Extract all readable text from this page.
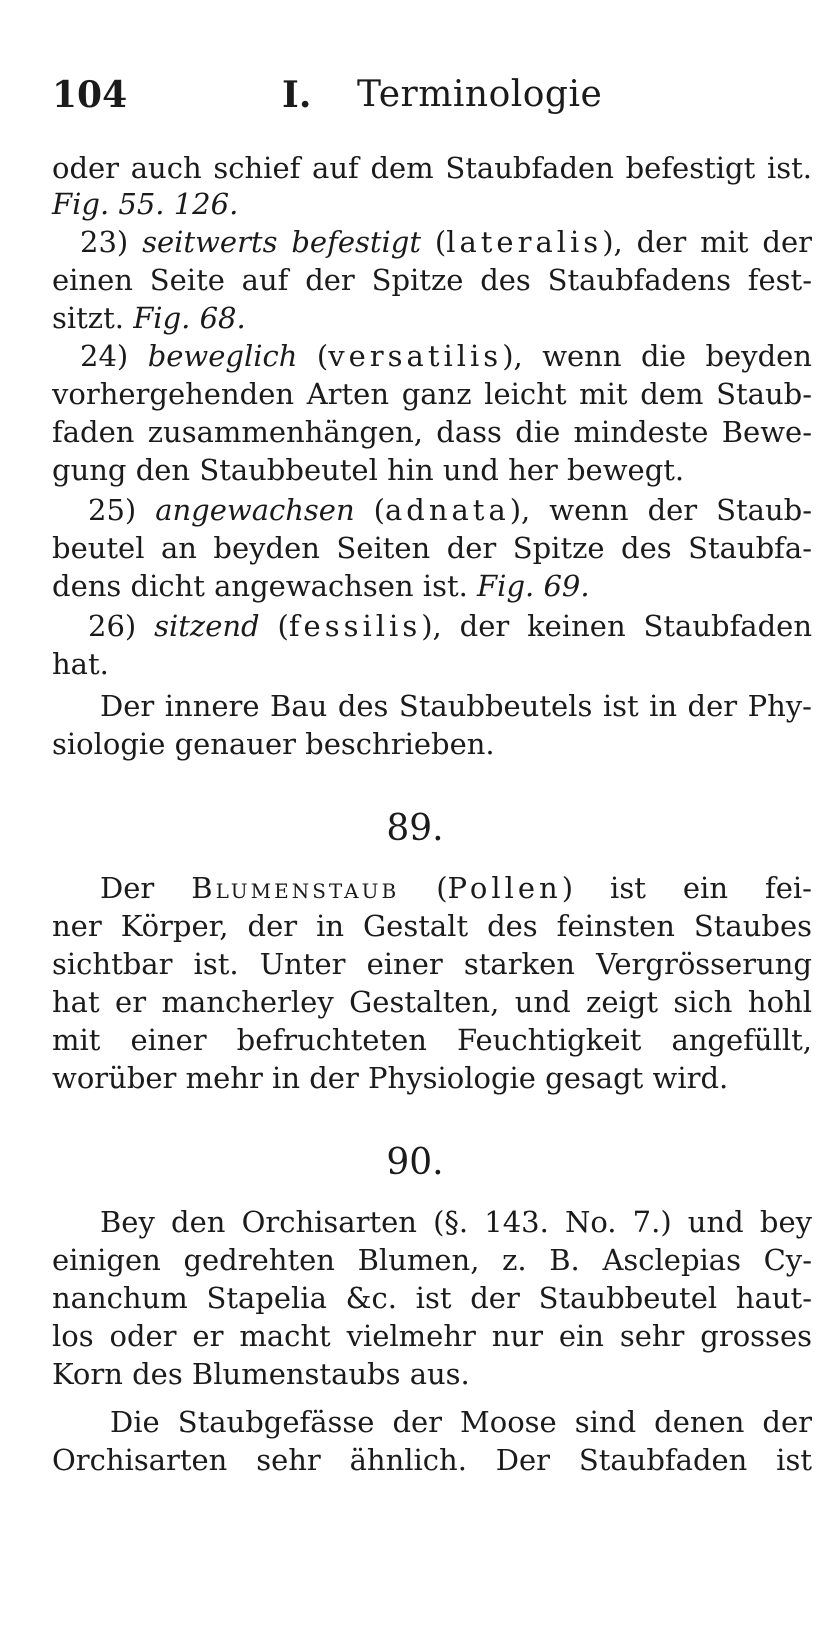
104	I. Terminologie
oder auch schief auf dem Staubfaden befestigt ist.
Fig. 55. 126.
23) seitwerts befestigt (lateralis), der mit der
einen Seite auf der Spitze des Staubfadens fest-
sitzt. Fig. 68.
24) beweglich (versatilis), wenn die beyden
vorhergehenden Arten ganz leicht mit dem Staub-
faden zusammenhängen, dass die mindeste Bewe-
gung den Staubbeutel hin und her bewegt.
25) angewachsen (adnata), wenn der Staub-
beutel an beyden Seiten der Spitze des Staubfa-
dens dicht angewachsen ist. Fig. 69.
26) sitzend (fessilis), der keinen Staubfaden
hat.
Der innere Bau des Staubbeutels ist in der Phy-
siologie genauer beschrieben.
89.
Der Blumenstaub (Pollen) ist ein fei-
ner Körper, der in Gestalt des feinsten Staubes
sichtbar ist. Unter einer starken Vergrösserung
hat er mancherley Gestalten, und zeigt sich hohl
mit einer befruchteten Feuchtigkeit angefüllt,
worüber mehr in der Physiologie gesagt wird.
90.
Bey den Orchisarten (§. 143. No. 7.) und bey
einigen gedrehten Blumen, z. B. Asclepias Cy-
nanchum Stapelia &c. ist der Staubbeutel haut-
los oder er macht vielmehr nur ein sehr grosses
Korn des Blumenstaubs aus.
Die Staubgefässe der Moose sind denen der
Orchisarten sehr ähnlich. Der Staubfaden ist
